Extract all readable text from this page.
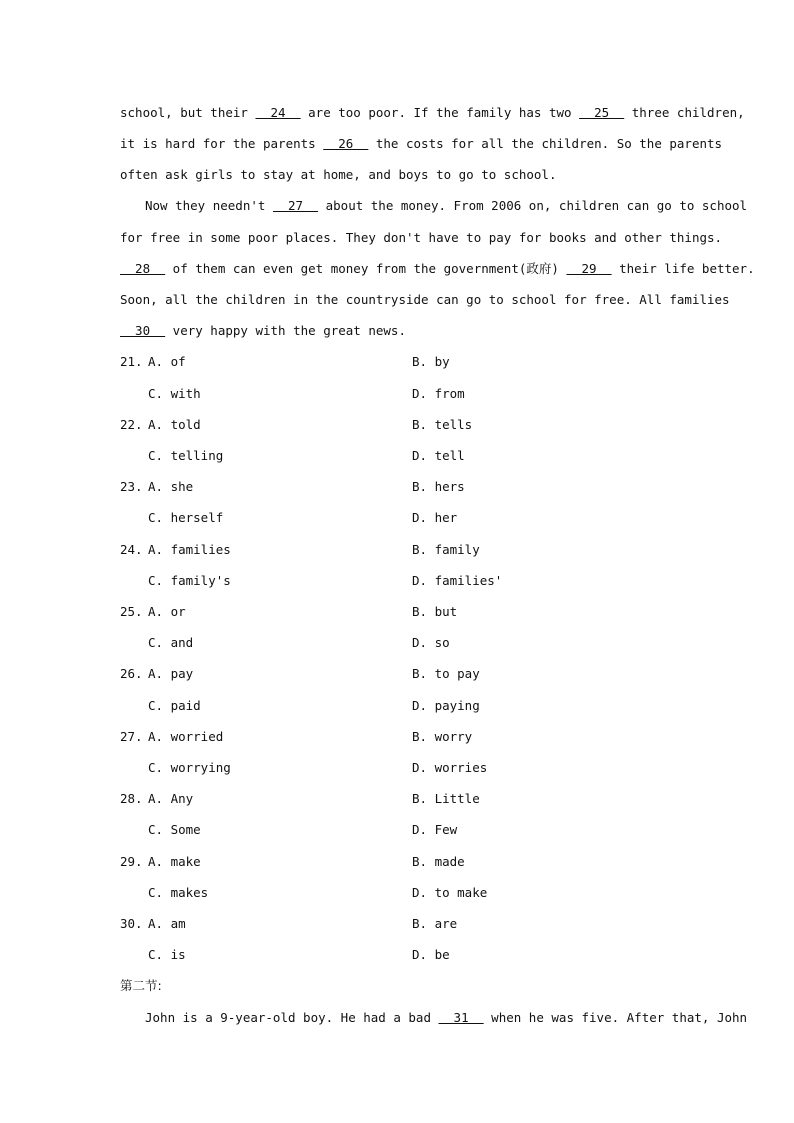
school, but their   24   are too poor. If the family has two   25   three children,
it is hard for the parents   26   the costs for all the children. So the parents
often ask girls to stay at home, and boys to go to school.
Now they needn't   27   about the money. From 2006 on, children can go to school
for free in some poor places. They don't have to pay for books and other things.
28   of them can even get money from the government(政府)   29   their life better.
Soon, all the children in the countryside can go to school for free. All families
30   very happy with the great news.
21. A. of	B. by
C. with	D. from
22. A. told	B. tells
C. telling	D. tell
23. A. she	B. hers
C. herself	D. her
24. A. families	B. family
C. family's	D. families'
25. A. or	B. but
C. and	D. so
26. A. pay	B. to pay
C. paid	D. paying
27. A. worried	B. worry
C. worrying	D. worries
28. A. Any	B. Little
C. Some	D. Few
29. A. make	B. made
C. makes	D. to make
30. A. am	B. are
C. is	D. be
第二节:
John is a 9-year-old boy. He had a bad   31   when he was five. After that, John
